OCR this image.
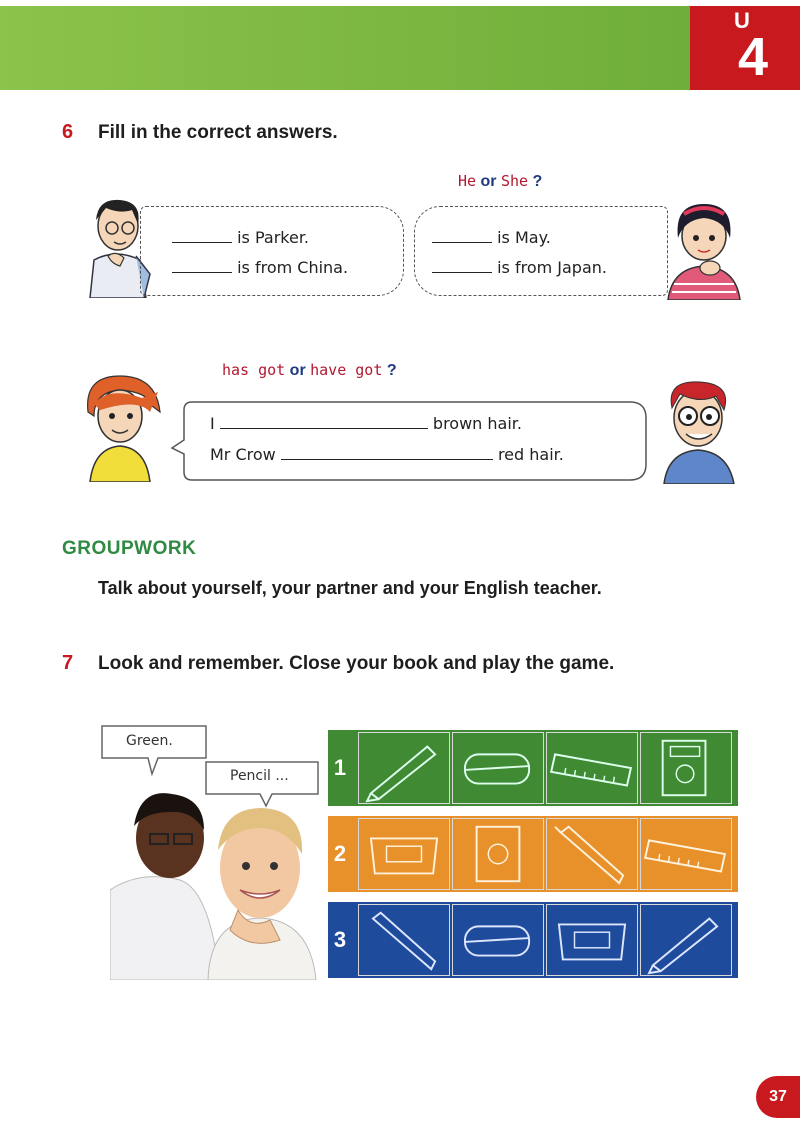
U
4
6 Fill in the correct answers.
He or She ?
is Parker.
is from China.
is May.
is from Japan.
has got or have got ?
I	brown hair.
Mr Crow	red hair.
GROUPWORK
Talk about yourself, your partner and your English teacher.
7 Look and remember. Close your book and play the game.
Green.
Pencil ... 1
2
3
37
